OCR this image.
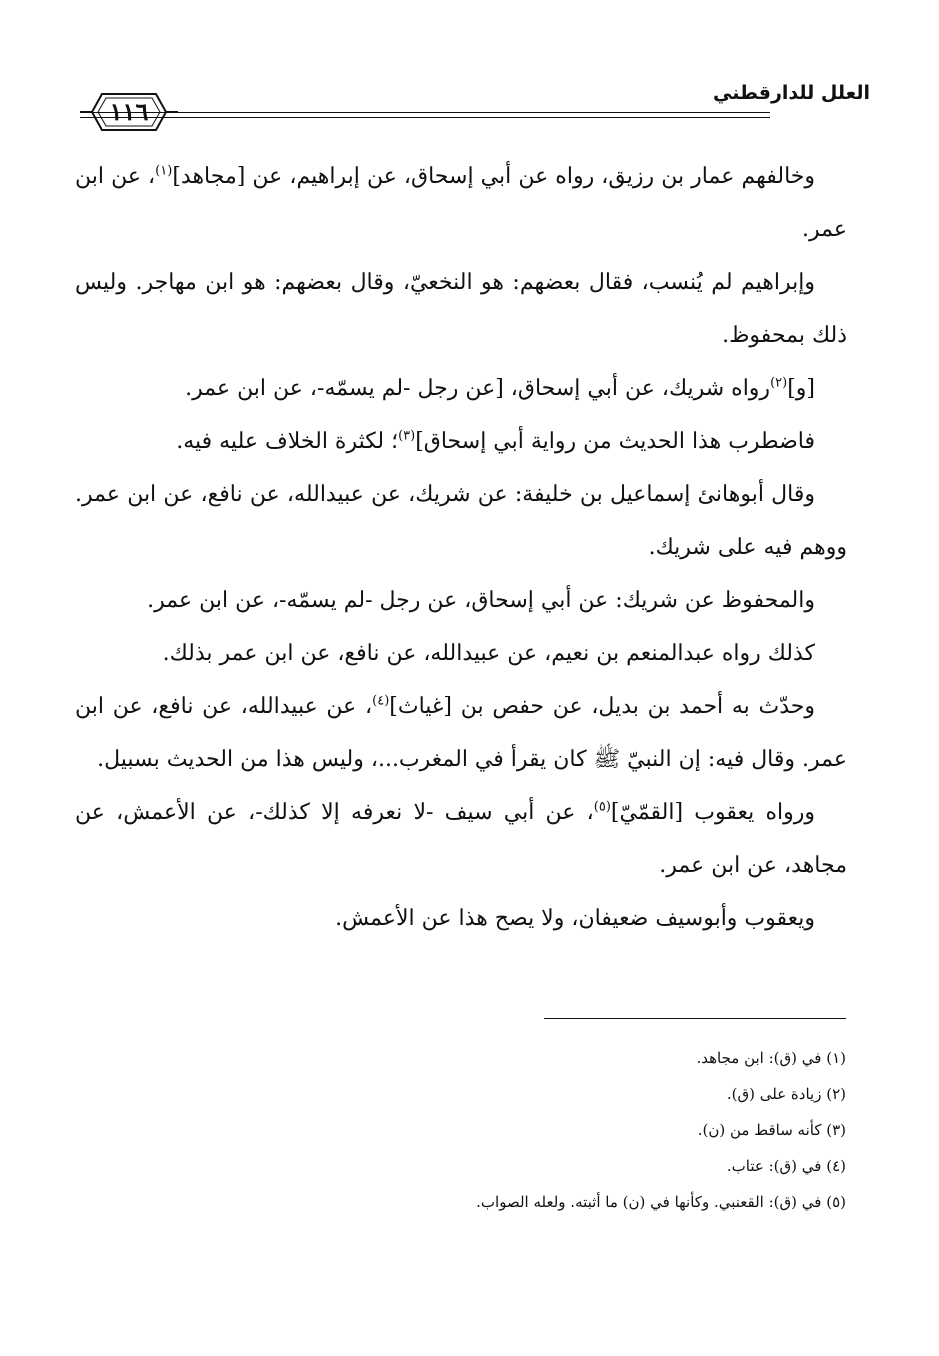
العلل للدارقطني
١١٦

وخالفهم عمار بن رزيق، رواه عن أبي إسحاق، عن إبراهيم، عن [مجاهد]$^{(١)}$، عن ابن عمر.

وإبراهيم لم يُنسب، فقال بعضهم: هو النخعيّ، وقال بعضهم: هو ابن مهاجر. وليس ذلك بمحفوظ.

[و]$^{(٢)}$رواه شريك، عن أبي إسحاق، [عن رجل -لم يسمّه-، عن ابن عمر.

فاضطرب هذا الحديث من رواية أبي إسحاق]$^{(٣)}$؛ لكثرة الخلاف عليه فيه.

وقال أبوهانئ إسماعيل بن خليفة: عن شريك، عن عبيدالله، عن نافع، عن ابن عمر. ووهم فيه على شريك.

والمحفوظ عن شريك: عن أبي إسحاق، عن رجل -لم يسمّه-، عن ابن عمر.

كذلك رواه عبدالمنعم بن نعيم، عن عبيدالله، عن نافع، عن ابن عمر بذلك.

وحدّث به أحمد بن بديل، عن حفص بن [غياث]$^{(٤)}$، عن عبيدالله، عن نافع، عن ابن عمر. وقال فيه: إن النبيّ ﷺ كان يقرأ في المغرب...، وليس هذا من الحديث بسبيل.

ورواه يعقوب [القمّيّ]$^{(٥)}$، عن أبي سيف -لا نعرفه إلا كذلك-، عن الأعمش، عن مجاهد، عن ابن عمر.

ويعقوب وأبوسيف ضعيفان، ولا يصح هذا عن الأعمش.

(١) في (ق): ابن مجاهد.

(٢) زيادة على (ق).

(٣) كأنه ساقط من (ن).

(٤) في (ق): عتاب.

(٥) في (ق): القعنبي. وكأنها في (ن) ما أثبته. ولعله الصواب.
